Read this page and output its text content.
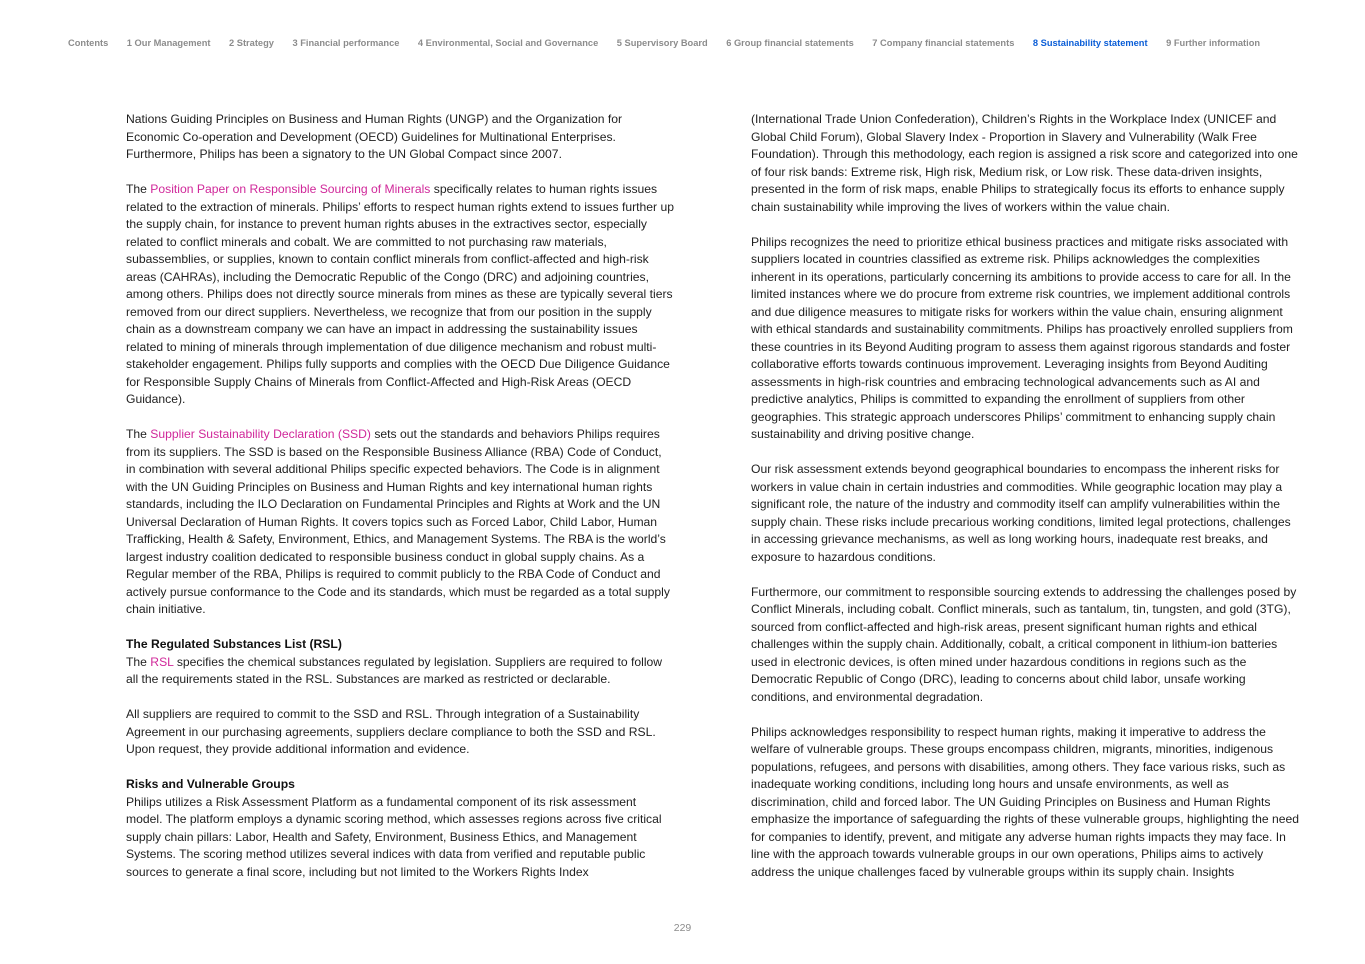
Contents 1 Our Management 2 Strategy 3 Financial performance 4 Environmental, Social and Governance 5 Supervisory Board 6 Group financial statements 7 Company financial statements 8 Sustainability statement 9 Further information

Nations Guiding Principles on Business and Human Rights (UNGP) and the Organization for Economic Co-operation and Development (OECD) Guidelines for Multinational Enterprises. Furthermore, Philips has been a signatory to the UN Global Compact since 2007.

The Position Paper on Responsible Sourcing of Minerals specifically relates to human rights issues related to the extraction of minerals. Philips’ efforts to respect human rights extend to issues further up the supply chain, for instance to prevent human rights abuses in the extractives sector, especially related to conflict minerals and cobalt. We are committed to not purchasing raw materials, subassemblies, or supplies, known to contain conflict minerals from conflict-affected and high-risk areas (CAHRAs), including the Democratic Republic of the Congo (DRC) and adjoining countries, among others. Philips does not directly source minerals from mines as these are typically several tiers removed from our direct suppliers. Nevertheless, we recognize that from our position in the supply chain as a downstream company we can have an impact in addressing the sustainability issues related to mining of minerals through implementation of due diligence mechanism and robust multi-stakeholder engagement. Philips fully supports and complies with the OECD Due Diligence Guidance for Responsible Supply Chains of Minerals from Conflict-Affected and High-Risk Areas (OECD Guidance).

The Supplier Sustainability Declaration (SSD) sets out the standards and behaviors Philips requires from its suppliers. The SSD is based on the Responsible Business Alliance (RBA) Code of Conduct, in combination with several additional Philips specific expected behaviors. The Code is in alignment with the UN Guiding Principles on Business and Human Rights and key international human rights standards, including the ILO Declaration on Fundamental Principles and Rights at Work and the UN Universal Declaration of Human Rights. It covers topics such as Forced Labor, Child Labor, Human Trafficking, Health & Safety, Environment, Ethics, and Management Systems. The RBA is the world’s largest industry coalition dedicated to responsible business conduct in global supply chains. As a Regular member of the RBA, Philips is required to commit publicly to the RBA Code of Conduct and actively pursue conformance to the Code and its standards, which must be regarded as a total supply chain initiative.

The Regulated Substances List (RSL)

The RSL specifies the chemical substances regulated by legislation. Suppliers are required to follow all the requirements stated in the RSL. Substances are marked as restricted or declarable.

All suppliers are required to commit to the SSD and RSL. Through integration of a Sustainability Agreement in our purchasing agreements, suppliers declare compliance to both the SSD and RSL. Upon request, they provide additional information and evidence.

Risks and Vulnerable Groups

Philips utilizes a Risk Assessment Platform as a fundamental component of its risk assessment model. The platform employs a dynamic scoring method, which assesses regions across five critical supply chain pillars: Labor, Health and Safety, Environment, Business Ethics, and Management Systems. The scoring method utilizes several indices with data from verified and reputable public sources to generate a final score, including but not limited to the Workers Rights Index

(International Trade Union Confederation), Children’s Rights in the Workplace Index (UNICEF and Global Child Forum), Global Slavery Index - Proportion in Slavery and Vulnerability (Walk Free Foundation). Through this methodology, each region is assigned a risk score and categorized into one of four risk bands: Extreme risk, High risk, Medium risk, or Low risk. These data-driven insights, presented in the form of risk maps, enable Philips to strategically focus its efforts to enhance supply chain sustainability while improving the lives of workers within the value chain.

Philips recognizes the need to prioritize ethical business practices and mitigate risks associated with suppliers located in countries classified as extreme risk. Philips acknowledges the complexities inherent in its operations, particularly concerning its ambitions to provide access to care for all. In the limited instances where we do procure from extreme risk countries, we implement additional controls and due diligence measures to mitigate risks for workers within the value chain, ensuring alignment with ethical standards and sustainability commitments. Philips has proactively enrolled suppliers from these countries in its Beyond Auditing program to assess them against rigorous standards and foster collaborative efforts towards continuous improvement. Leveraging insights from Beyond Auditing assessments in high-risk countries and embracing technological advancements such as AI and predictive analytics, Philips is committed to expanding the enrollment of suppliers from other geographies. This strategic approach underscores Philips’ commitment to enhancing supply chain sustainability and driving positive change.

Our risk assessment extends beyond geographical boundaries to encompass the inherent risks for workers in value chain in certain industries and commodities. While geographic location may play a significant role, the nature of the industry and commodity itself can amplify vulnerabilities within the supply chain. These risks include precarious working conditions, limited legal protections, challenges in accessing grievance mechanisms, as well as long working hours, inadequate rest breaks, and exposure to hazardous conditions.

Furthermore, our commitment to responsible sourcing extends to addressing the challenges posed by Conflict Minerals, including cobalt. Conflict minerals, such as tantalum, tin, tungsten, and gold (3TG), sourced from conflict-affected and high-risk areas, present significant human rights and ethical challenges within the supply chain. Additionally, cobalt, a critical component in lithium-ion batteries used in electronic devices, is often mined under hazardous conditions in regions such as the Democratic Republic of Congo (DRC), leading to concerns about child labor, unsafe working conditions, and environmental degradation.

Philips acknowledges responsibility to respect human rights, making it imperative to address the welfare of vulnerable groups. These groups encompass children, migrants, minorities, indigenous populations, refugees, and persons with disabilities, among others. They face various risks, such as inadequate working conditions, including long hours and unsafe environments, as well as discrimination, child and forced labor. The UN Guiding Principles on Business and Human Rights emphasize the importance of safeguarding the rights of these vulnerable groups, highlighting the need for companies to identify, prevent, and mitigate any adverse human rights impacts they may face. In line with the approach towards vulnerable groups in our own operations, Philips aims to actively address the unique challenges faced by vulnerable groups within its supply chain. Insights

229
